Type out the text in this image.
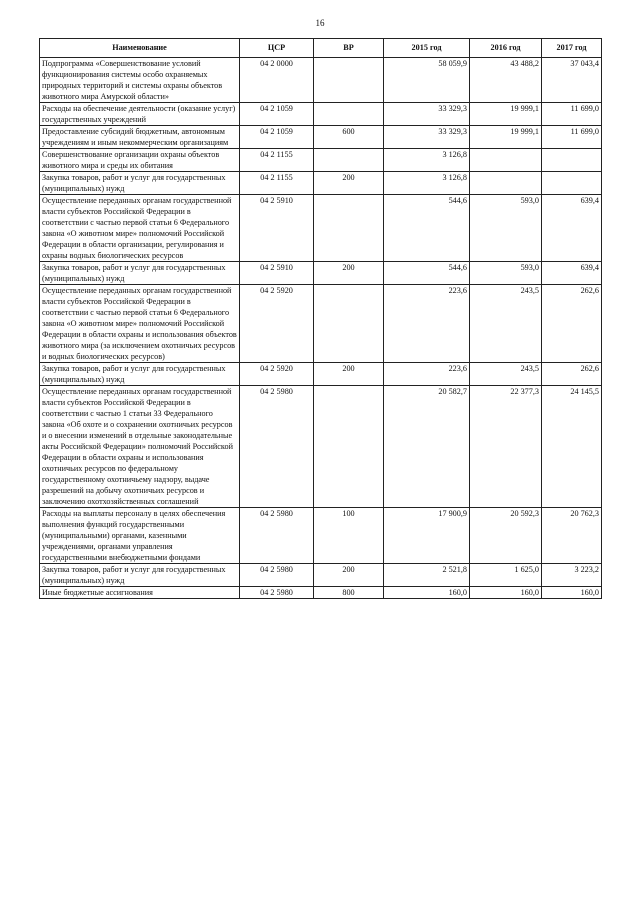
16
Наименование	ЦСР	ВР	2015 год	2016 год	2017 год
Подпрограмма «Совершенствование условий функционирования системы особо охраняемых природных территорий и системы охраны объектов животного мира Амурской области»	04 2 0000		58 059,9	43 488,2	37 043,4
Расходы на обеспечение деятельности (оказание услуг) государственных учреждений	04 2 1059		33 329,3	19 999,1	11 699,0
Предоставление субсидий бюджетным, автономным учреждениям и иным некоммерческим организациям	04 2 1059	600	33 329,3	19 999,1	11 699,0
Совершенствование организации охраны объектов животного мира и среды их обитания	04 2 1155		3 126,8		
Закупка товаров, работ и услуг для государственных (муниципальных) нужд	04 2 1155	200	3 126,8		
Осуществление переданных органам государственной власти субъектов Российской Федерации в соответствии с частью первой статьи 6 Федерального закона «О животном мире» полномочий Российской Федерации в области организации, регулирования и охраны водных биологических ресурсов	04 2 5910		544,6	593,0	639,4
Закупка товаров, работ и услуг для государственных (муниципальных) нужд	04 2 5910	200	544,6	593,0	639,4
Осуществление переданных органам государственной власти субъектов Российской Федерации в соответствии с частью первой статьи 6 Федерального закона «О животном мире» полномочий Российской Федерации в области охраны и использования объектов животного мира (за исключением охотничьих ресурсов и водных биологических ресурсов)	04 2 5920		223,6	243,5	262,6
Закупка товаров, работ и услуг для государственных (муниципальных) нужд	04 2 5920	200	223,6	243,5	262,6
Осуществление переданных органам государственной власти субъектов Российской Федерации в соответствии с частью 1 статьи 33 Федерального закона «Об охоте и о сохранении охотничьих ресурсов и о внесении изменений в отдельные законодательные акты Российской Федерации» полномочий Российской Федерации в области охраны и использования охотничьих ресурсов по федеральному государственному охотничьему надзору, выдаче разрешений на добычу охотничьих ресурсов и заключению охотхозяйственных соглашений	04 2 5980		20 582,7	22 377,3	24 145,5
Расходы на выплаты персоналу в целях обеспечения выполнения функций государственными (муниципальными) органами, казенными учреждениями, органами управления государственными внебюджетными фондами	04 2 5980	100	17 900,9	20 592,3	20 762,3
Закупка товаров, работ и услуг для государственных (муниципальных) нужд	04 2 5980	200	2 521,8	1 625,0	3 223,2
Иные бюджетные ассигнования	04 2 5980	800	160,0	160,0	160,0
